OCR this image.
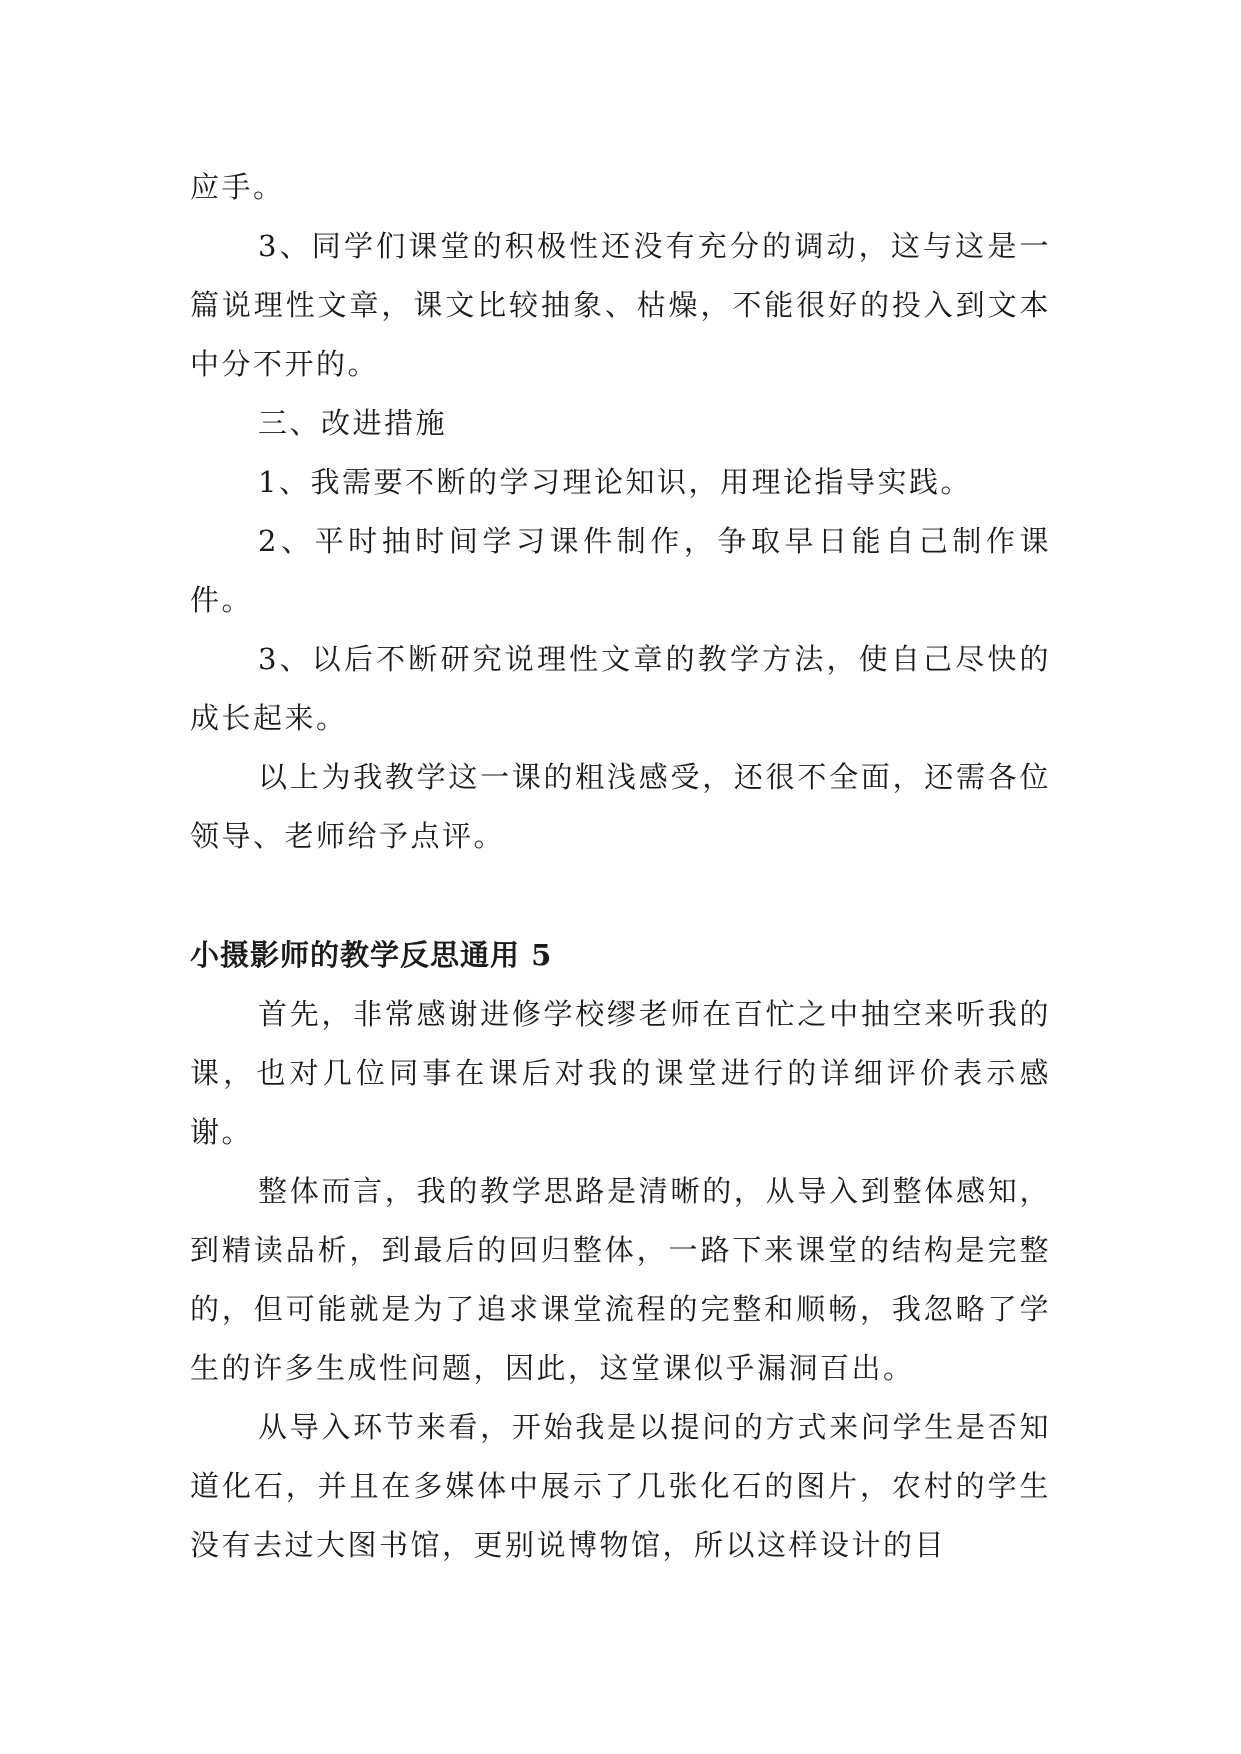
应手。

3、同学们课堂的积极性还没有充分的调动，这与这是一篇说理性文章，课文比较抽象、枯燥，不能很好的投入到文本中分不开的。

三、改进措施

1、我需要不断的学习理论知识，用理论指导实践。

2、平时抽时间学习课件制作，争取早日能自己制作课件。

3、以后不断研究说理性文章的教学方法，使自己尽快的成长起来。

以上为我教学这一课的粗浅感受，还很不全面，还需各位领导、老师给予点评。

小摄影师的教学反思通用 5

首先，非常感谢进修学校缪老师在百忙之中抽空来听我的课，也对几位同事在课后对我的课堂进行的详细评价表示感谢。

整体而言，我的教学思路是清晰的，从导入到整体感知，到精读品析，到最后的回归整体，一路下来课堂的结构是完整的，但可能就是为了追求课堂流程的完整和顺畅，我忽略了学生的许多生成性问题，因此，这堂课似乎漏洞百出。

从导入环节来看，开始我是以提问的方式来问学生是否知道化石，并且在多媒体中展示了几张化石的图片，农村的学生没有去过大图书馆，更别说博物馆，所以这样设计的目
